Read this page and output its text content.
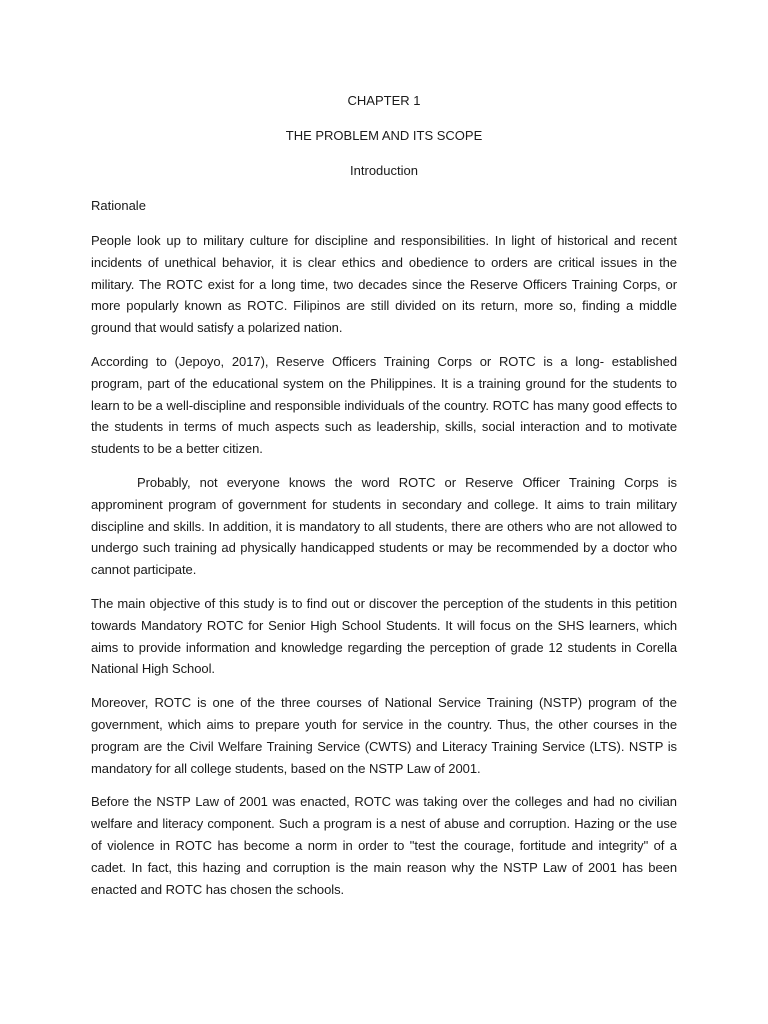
CHAPTER 1

THE PROBLEM AND ITS SCOPE

Introduction

Rationale

People look up to military culture for discipline and responsibilities. In light of historical and recent incidents of unethical behavior, it is clear ethics and obedience to orders are critical issues in the military. The ROTC exist for a long time, two decades since the Reserve Officers Training Corps, or more popularly known as ROTC. Filipinos are still divided on its return, more so, finding a middle ground that would satisfy a polarized nation.

According to (Jepoyo, 2017), Reserve Officers Training Corps or ROTC is a long- established program, part of the educational system on the Philippines. It is a training ground for the students to learn to be a well-discipline and responsible individuals of the country. ROTC has many good effects to the students in terms of much aspects such as leadership, skills, social interaction and to motivate students to be a better citizen.

Probably, not everyone knows the word ROTC or Reserve Officer Training Corps is approminent program of government for students in secondary and college. It aims to train military discipline and skills. In addition, it is mandatory to all students, there are others who are not allowed to undergo such training ad physically handicapped students or may be recommended by a doctor who cannot participate.

The main objective of this study is to find out or discover the perception of the students in this petition towards Mandatory ROTC for Senior High School Students. It will focus on the SHS learners, which aims to provide information and knowledge regarding the perception of grade 12 students in Corella National High School.

Moreover, ROTC is one of the three courses of National Service Training (NSTP) program of the government, which aims to prepare youth for service in the country. Thus, the other courses in the program are the Civil Welfare Training Service (CWTS) and Literacy Training Service (LTS). NSTP is mandatory for all college students, based on the NSTP Law of 2001.

Before the NSTP Law of 2001 was enacted, ROTC was taking over the colleges and had no civilian welfare and literacy component. Such a program is a nest of abuse and corruption. Hazing or the use of violence in ROTC has become a norm in order to "test the courage, fortitude and integrity" of a cadet. In fact, this hazing and corruption is the main reason why the NSTP Law of 2001 has been enacted and ROTC has chosen the schools.
